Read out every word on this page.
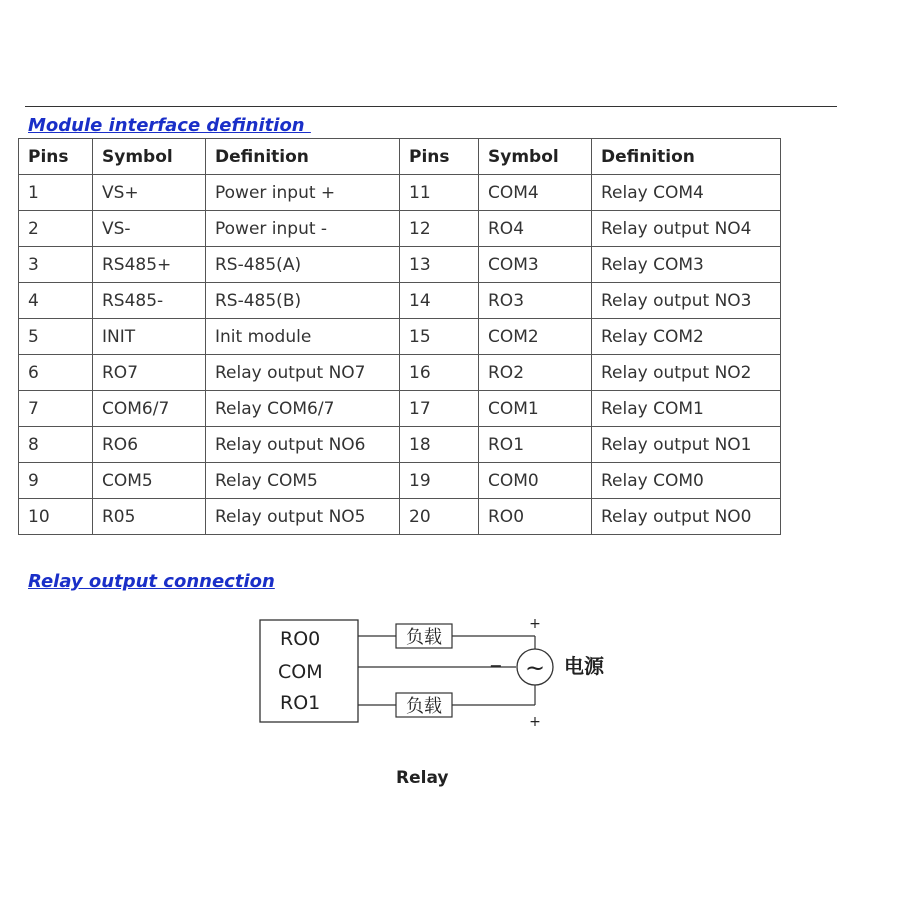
Module interface definition
Pins	Symbol	Definition	Pins	Symbol	Definition
1	VS+	Power input +	11	COM4	Relay COM4
2	VS-	Power input -	12	RO4	Relay output NO4
3	RS485+	RS-485(A)	13	COM3	Relay COM3
4	RS485-	RS-485(B)	14	RO3	Relay output NO3
5	INIT	Init module	15	COM2	Relay COM2
6	RO7	Relay output NO7	16	RO2	Relay output NO2
7	COM6/7	Relay COM6/7	17	COM1	Relay COM1
8	RO6	Relay output NO6	18	RO1	Relay output NO1
9	COM5	Relay COM5	19	COM0	Relay COM0
10	R05	Relay output NO5	20	RO0	Relay output NO0
Relay output connection
RO0
COM
RO1
负载
+
− ~ 电源
负载
+

Relay
